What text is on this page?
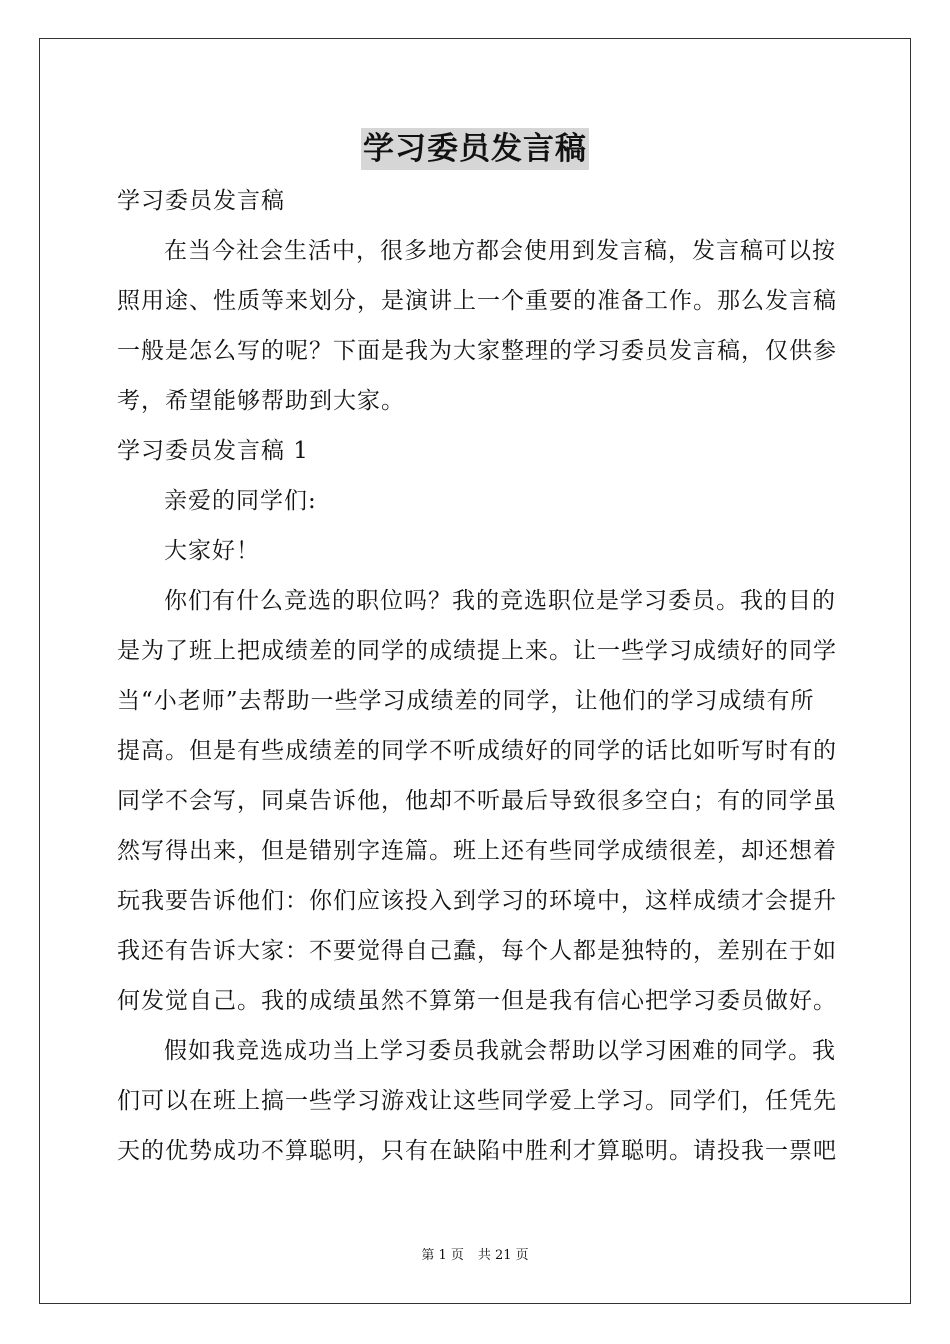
学习委员发言稿
学习委员发言稿
在当今社会生活中，很多地方都会使用到发言稿，发言稿可以按
照用途、性质等来划分，是演讲上一个重要的准备工作。那么发言稿
一般是怎么写的呢？下面是我为大家整理的学习委员发言稿，仅供参
考，希望能够帮助到大家。
学习委员发言稿 1
亲爱的同学们:
大家好！
你们有什么竞选的职位吗？我的竞选职位是学习委员。我的目的
是为了班上把成绩差的同学的成绩提上来。让一些学习成绩好的同学
当“小老师”去帮助一些学习成绩差的同学，让他们的学习成绩有所
提高。但是有些成绩差的同学不听成绩好的同学的话比如听写时有的
同学不会写，同桌告诉他，他却不听最后导致很多空白；有的同学虽
然写得出来，但是错别字连篇。班上还有些同学成绩很差，却还想着
玩我要告诉他们：你们应该投入到学习的环境中，这样成绩才会提升
我还有告诉大家：不要觉得自己蠢，每个人都是独特的，差别在于如
何发觉自己。我的成绩虽然不算第一但是我有信心把学习委员做好。
假如我竞选成功当上学习委员我就会帮助以学习困难的同学。我
们可以在班上搞一些学习游戏让这些同学爱上学习。同学们，任凭先
天的优势成功不算聪明，只有在缺陷中胜利才算聪明。请投我一票吧
第 1 页 共 21 页
